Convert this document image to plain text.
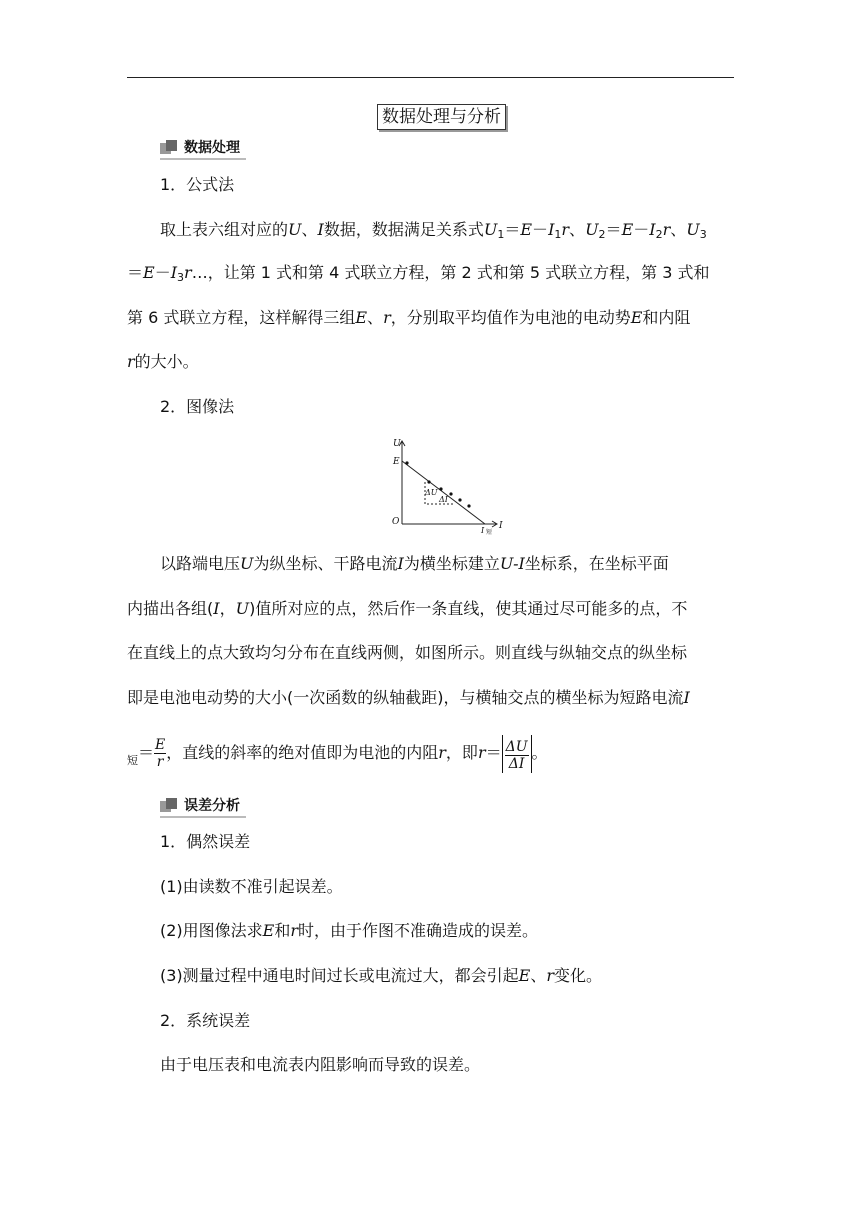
数据处理与分析
数据处理
1．公式法
取上表六组对应的U、I数据，数据满足关系式$U_1=E-I_1r$、$U_2=E-I_2r$、$U_3$
$=E-I_3r\dots$，让第 1 式和第 4 式联立方程，第 2 式和第 5 式联立方程，第 3 式和
第 6 式联立方程，这样解得三组E、r，分别取平均值作为电池的电动势E和内阻
r的大小。
2．图像法
U
I
O
E
ΔU
ΔI
I 短
以路端电压U为纵坐标、干路电流I为横坐标建立U-I坐标系，在坐标平面
内描出各组(I，U)值所对应的点，然后作一条直线，使其通过尽可能多的点，不
在直线上的点大致均匀分布在直线两侧，如图所示。则直线与纵轴交点的纵坐标
即是电池电动势的大小(一次函数的纵轴截距)，与横轴交点的横坐标为短路电流I
$_短= \frac{E}{r}$ ，直线的斜率的绝对值即为电池的内阻r，即$r= \frac{\Delta U}{\Delta I}$ 。
误差分析
1．偶然误差
(1)由读数不准引起误差。
(2)用图像法求E和r时，由于作图不准确造成的误差。
(3)测量过程中通电时间过长或电流过大，都会引起E、r变化。
2．系统误差
由于电压表和电流表内阻影响而导致的误差。
